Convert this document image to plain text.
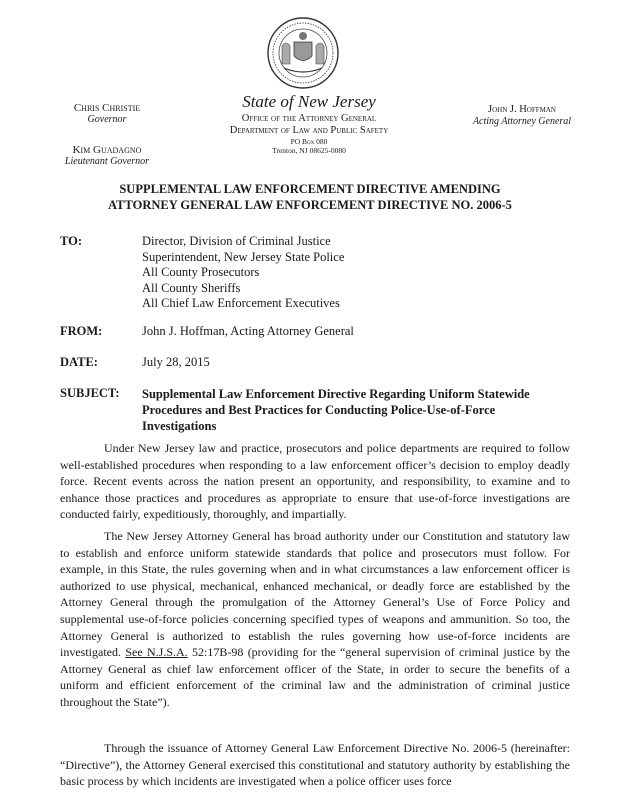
Chris Christie
Governor
Kim Guadagno
Lieutenant Governor
State of New Jersey
Office of the Attorney General
Department of Law and Public Safety
PO Box 080
Trenton, NJ 08625-0080
John J. Hoffman
Acting Attorney General
SUPPLEMENTAL LAW ENFORCEMENT DIRECTIVE AMENDING
ATTORNEY GENERAL LAW ENFORCEMENT DIRECTIVE NO. 2006-5
TO:	Director, Division of Criminal Justice
Superintendent, New Jersey State Police
All County Prosecutors
All County Sheriffs
All Chief Law Enforcement Executives
FROM:	John J. Hoffman, Acting Attorney General
DATE:	July 28, 2015
SUBJECT: Supplemental Law Enforcement Directive Regarding Uniform Statewide Procedures and Best Practices for Conducting Police-Use-of-Force Investigations

Under New Jersey law and practice, prosecutors and police departments are required to follow well-established procedures when responding to a law enforcement officer’s decision to employ deadly force. Recent events across the nation present an opportunity, and responsibility, to examine and to enhance those practices and procedures as appropriate to ensure that use-of-force investigations are conducted fairly, expeditiously, thoroughly, and impartially.

The New Jersey Attorney General has broad authority under our Constitution and statutory law to establish and enforce uniform statewide standards that police and prosecutors must follow. For example, in this State, the rules governing when and in what circumstances a law enforcement officer is authorized to use physical, mechanical, enhanced mechanical, or deadly force are established by the Attorney General through the promulgation of the Attorney General’s Use of Force Policy and supplemental use-of-force policies concerning specified types of weapons and ammunition. So too, the Attorney General is authorized to establish the rules governing how use-of-force incidents are investigated. See N.J.S.A. 52:17B-98 (providing for the “general supervision of criminal justice by the Attorney General as chief law enforcement officer of the State, in order to secure the benefits of a uniform and efficient enforcement of the criminal law and the administration of criminal justice throughout the State”).

Through the issuance of Attorney General Law Enforcement Directive No. 2006-5 (hereinafter: “Directive”), the Attorney General exercised this constitutional and statutory authority by establishing the basic process by which incidents are investigated when a police officer uses force
